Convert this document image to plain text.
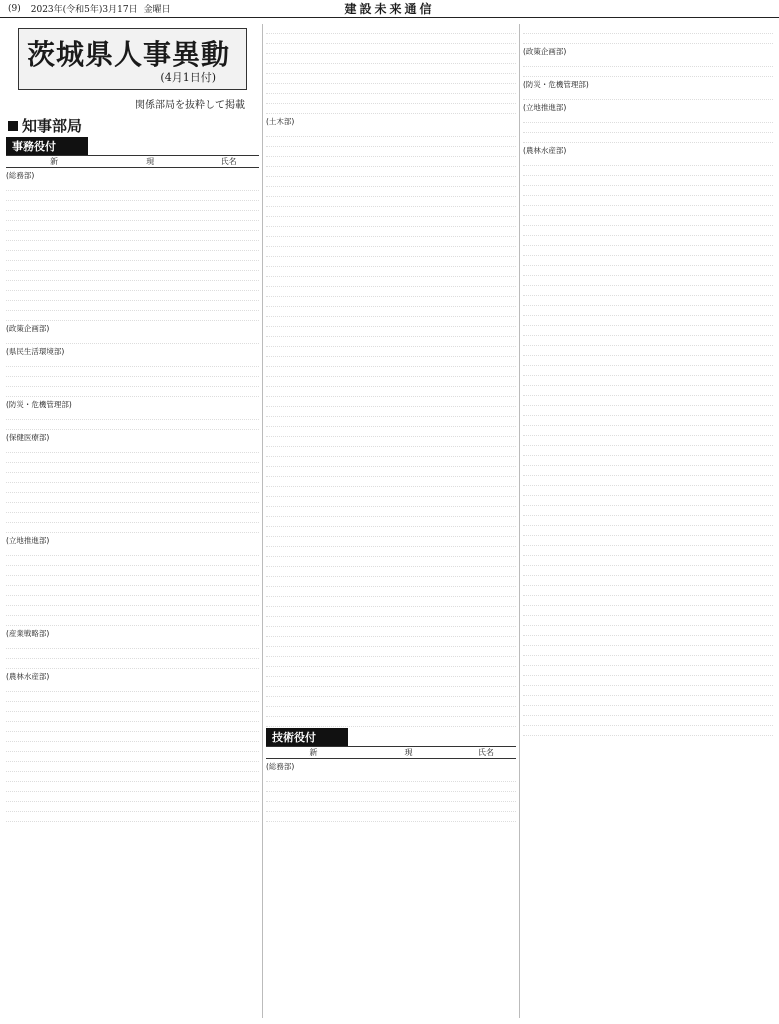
(9) 2023年(令和5年)3月17日 金曜日	建設未来通信
茨城県人事異動
(4月1日付)
関係部局を抜粋して掲載
知事部局
事務役付
新	現	氏名
(総務部)
(政策企画部)
(県民生活環境部)
(防災・危機管理部)
(保健医療部)
(立地推進部)
(産業戦略部)
(農林水産部)
(土木部)
技術役付
新	現	氏名
(総務部)
(政策企画部)
(防災・危機管理部)
(立地推進部)
(農林水産部)
